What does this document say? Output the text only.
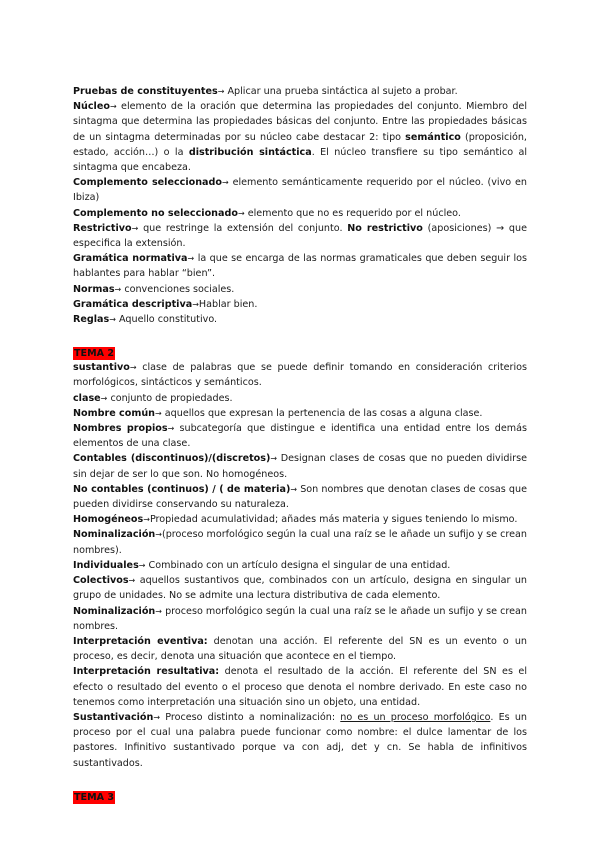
Pruebas de constituyentes→ Aplicar una prueba sintáctica al sujeto a probar.

Núcleo→ elemento de la oración que determina las propiedades del conjunto. Miembro del sintagma que determina las propiedades básicas del conjunto. Entre las propiedades básicas de un sintagma determinadas por su núcleo cabe destacar 2: tipo semántico (proposición, estado, acción…) o la distribución sintáctica. El núcleo transfiere su tipo semántico al sintagma que encabeza.

Complemento seleccionado→ elemento semánticamente requerido por el núcleo. (vivo en Ibiza)

Complemento no seleccionado→ elemento que no es requerido por el núcleo.

Restrictivo→ que restringe la extensión del conjunto. No restrictivo (aposiciones) → que especifica la extensión.

Gramática normativa→ la que se encarga de las normas gramaticales que deben seguir los hablantes para hablar “bien”.

Normas→ convenciones sociales.

Gramática descriptiva→Hablar bien.

Reglas→ Aquello constitutivo.

TEMA 2

sustantivo→ clase de palabras que se puede definir tomando en consideración criterios morfológicos, sintácticos y semánticos.

clase→ conjunto de propiedades.

Nombre común→ aquellos que expresan la pertenencia de las cosas a alguna clase.

Nombres propios→ subcategoría que distingue e identifica una entidad entre los demás elementos de una clase.

Contables (discontinuos)/(discretos)→ Designan clases de cosas que no pueden dividirse sin dejar de ser lo que son. No homogéneos.

No contables (continuos) / ( de materia)→ Son nombres que denotan clases de cosas que pueden dividirse conservando su naturaleza.

Homogéneos→Propiedad acumulatividad; añades más materia y sigues teniendo lo mismo.

Nominalización→(proceso morfológico según la cual una raíz se le añade un sufijo y se crean nombres).

Individuales→ Combinado con un artículo designa el singular de una entidad.

Colectivos→ aquellos sustantivos que, combinados con un artículo, designa en singular un grupo de unidades. No se admite una lectura distributiva de cada elemento.

Nominalización→ proceso morfológico según la cual una raíz se le añade un sufijo y se crean nombres.

Interpretación eventiva: denotan una acción. El referente del SN es un evento o un proceso, es decir, denota una situación que acontece en el tiempo.

Interpretación resultativa: denota el resultado de la acción. El referente del SN es el efecto o resultado del evento o el proceso que denota el nombre derivado. En este caso no tenemos como interpretación una situación sino un objeto, una entidad.

Sustantivación→ Proceso distinto a nominalización: no es un proceso morfológico. Es un proceso por el cual una palabra puede funcionar como nombre: el dulce lamentar de los pastores. Infinitivo sustantivado porque va con adj, det y cn. Se habla de infinitivos sustantivados.

TEMA 3
